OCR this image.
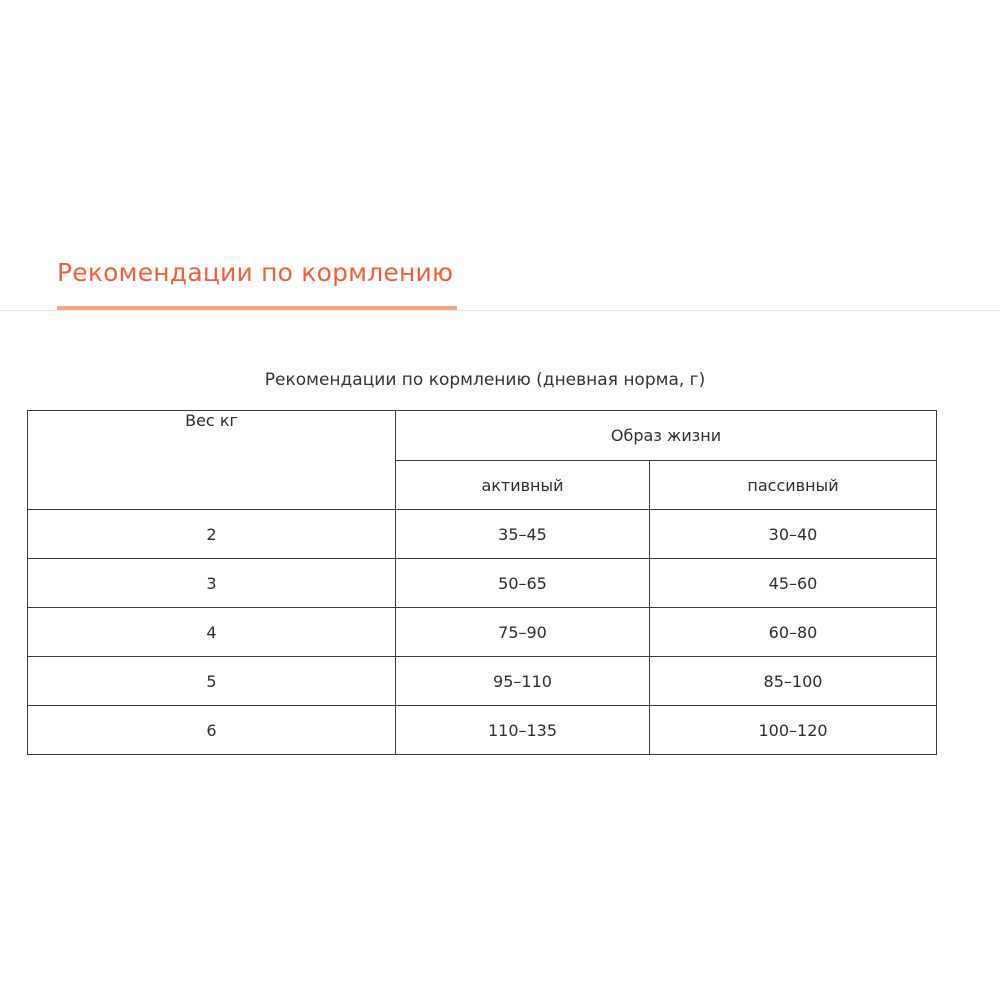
Рекомендации по кормлению

Рекомендации по кормлению (дневная норма, г)

Вес кг	Образ жизни	
	активный	пассивный
2	35–45	30–40
3	50–65	45–60
4	75–90	60–80
5	95–110	85–100
6	110–135	100–120
